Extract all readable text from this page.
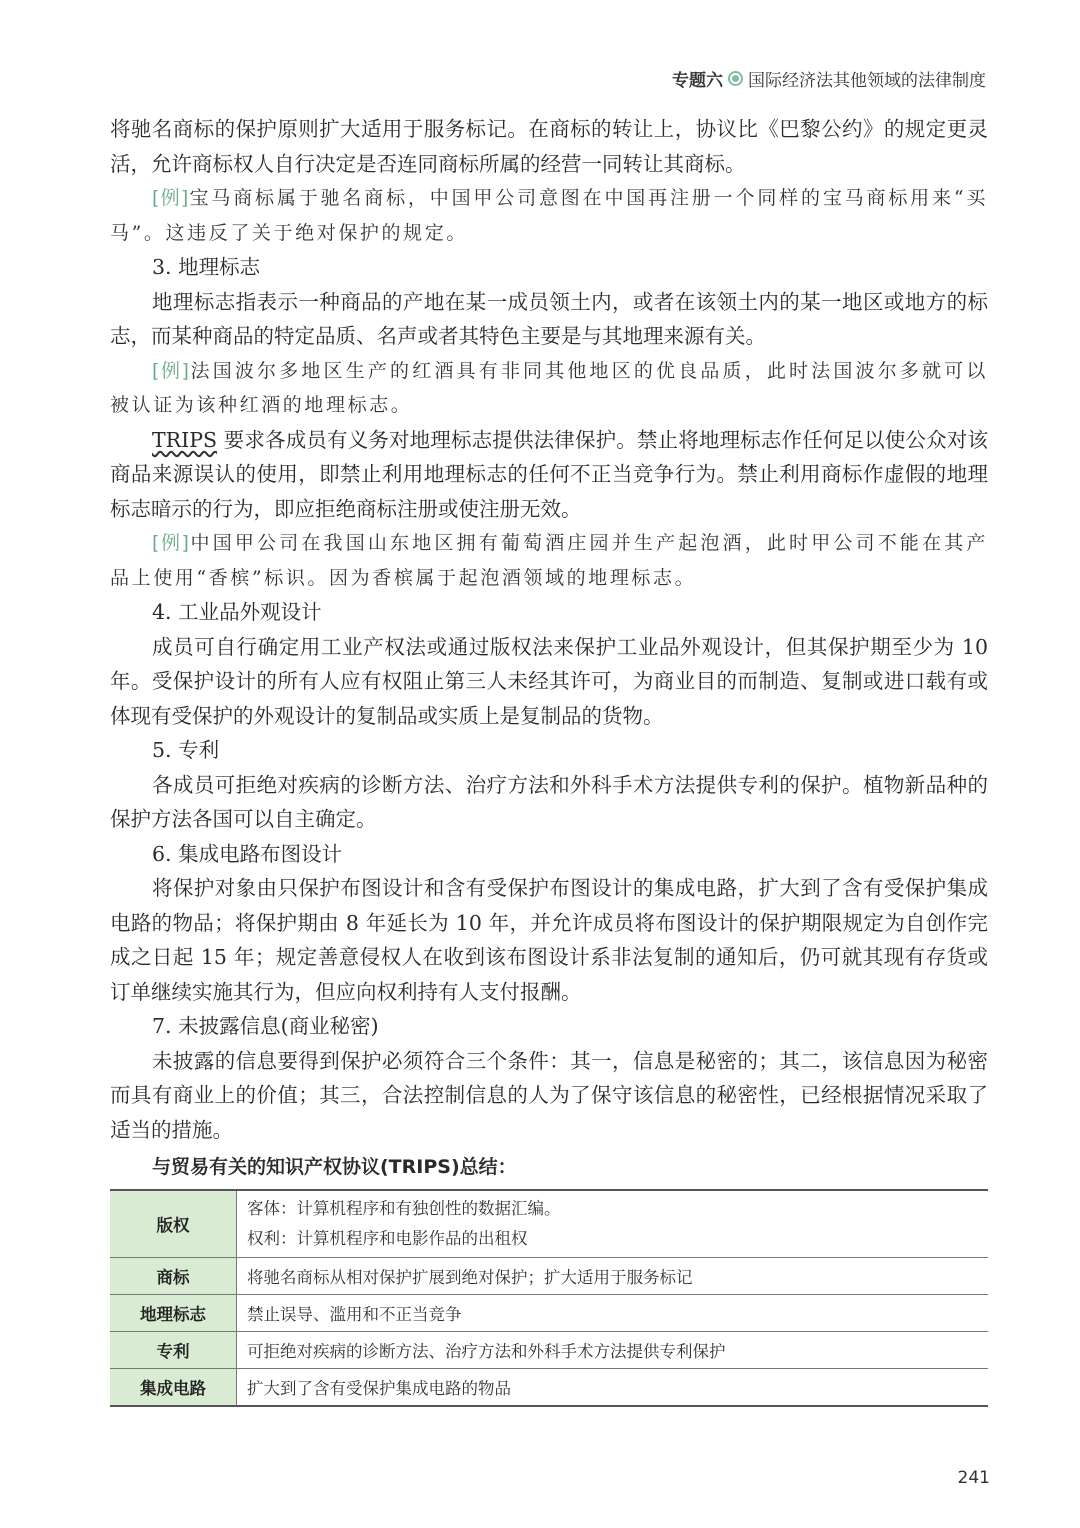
专题六 国际经济法其他领域的法律制度

将驰名商标的保护原则扩大适用于服务标记。在商标的转让上，协议比《巴黎公约》的规定更灵活，允许商标权人自行决定是否连同商标所属的经营一同转让其商标。

[例]宝马商标属于驰名商标，中国甲公司意图在中国再注册一个同样的宝马商标用来“买马”。这违反了关于绝对保护的规定。

3. 地理标志

地理标志指表示一种商品的产地在某一成员领土内，或者在该领土内的某一地区或地方的标志，而某种商品的特定品质、名声或者其特色主要是与其地理来源有关。

[例]法国波尔多地区生产的红酒具有非同其他地区的优良品质，此时法国波尔多就可以被认证为该种红酒的地理标志。

TRIPS 要求各成员有义务对地理标志提供法律保护。禁止将地理标志作任何足以使公众对该商品来源误认的使用，即禁止利用地理标志的任何不正当竞争行为。禁止利用商标作虚假的地理标志暗示的行为，即应拒绝商标注册或使注册无效。

[例]中国甲公司在我国山东地区拥有葡萄酒庄园并生产起泡酒，此时甲公司不能在其产品上使用“香槟”标识。因为香槟属于起泡酒领域的地理标志。

4. 工业品外观设计

成员可自行确定用工业产权法或通过版权法来保护工业品外观设计，但其保护期至少为 10 年。受保护设计的所有人应有权阻止第三人未经其许可，为商业目的而制造、复制或进口载有或体现有受保护的外观设计的复制品或实质上是复制品的货物。

5. 专利

各成员可拒绝对疾病的诊断方法、治疗方法和外科手术方法提供专利的保护。植物新品种的保护方法各国可以自主确定。

6. 集成电路布图设计

将保护对象由只保护布图设计和含有受保护布图设计的集成电路，扩大到了含有受保护集成电路的物品；将保护期由 8 年延长为 10 年，并允许成员将布图设计的保护期限规定为自创作完成之日起 15 年；规定善意侵权人在收到该布图设计系非法复制的通知后，仍可就其现有存货或订单继续实施其行为，但应向权利持有人支付报酬。

7. 未披露信息(商业秘密)

未披露的信息要得到保护必须符合三个条件：其一，信息是秘密的；其二，该信息因为秘密而具有商业上的价值；其三，合法控制信息的人为了保守该信息的秘密性，已经根据情况采取了适当的措施。

与贸易有关的知识产权协议(TRIPS)总结：
版权	客体：计算机程序和有独创性的数据汇编。
权利：计算机程序和电影作品的出租权

商标	将驰名商标从相对保护扩展到绝对保护；扩大适用于服务标记
地理标志	禁止误导、滥用和不正当竞争
专利	可拒绝对疾病的诊断方法、治疗方法和外科手术方法提供专利保护
集成电路	扩大到了含有受保护集成电路的物品
241
